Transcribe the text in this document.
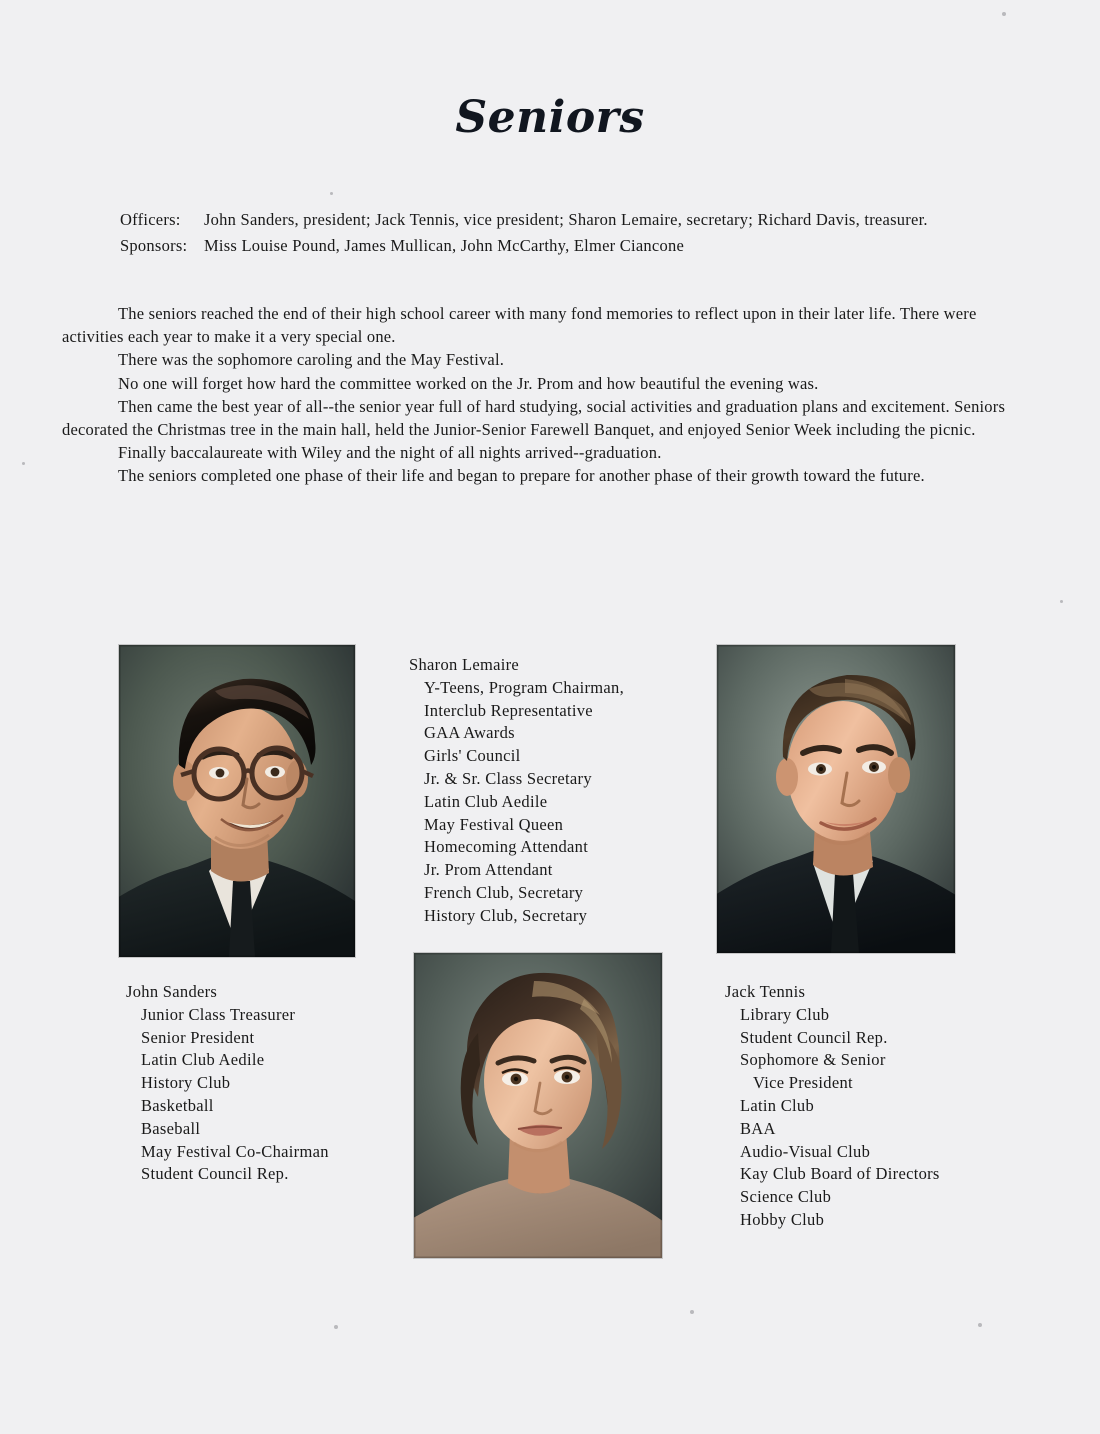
Seniors
Officers: John Sanders, president; Jack Tennis, vice president; Sharon Lemaire, secretary; Richard Davis, treasurer.
Sponsors: Miss Louise Pound, James Mullican, John McCarthy, Elmer Ciancone

The seniors reached the end of their high school career with many fond memories to reflect upon in their later life. There were activities each year to make it a very special one.

There was the sophomore caroling and the May Festival.

No one will forget how hard the committee worked on the Jr. Prom and how beautiful the evening was.

Then came the best year of all--the senior year full of hard studying, social activities and graduation plans and excitement. Seniors decorated the Christmas tree in the main hall, held the Junior-Senior Farewell Banquet, and enjoyed Senior Week including the picnic.

Finally baccalaureate with Wiley and the night of all nights arrived--graduation.

The seniors completed one phase of their life and began to prepare for another phase of their growth toward the future.

John Sanders
Junior Class Treasurer
Senior President
Latin Club Aedile
History Club
Basketball
Baseball
May Festival Co-Chairman
Student Council Rep.
Sharon Lemaire
Y-Teens, Program Chairman,
Interclub Representative
GAA Awards
Girls' Council
Jr. & Sr. Class Secretary
Latin Club Aedile
May Festival Queen
Homecoming Attendant
Jr. Prom Attendant
French Club, Secretary
History Club, Secretary
Jack Tennis
Library Club
Student Council Rep.
Sophomore & Senior
Vice President
Latin Club
BAA
Audio-Visual Club
Kay Club Board of Directors
Science Club
Hobby Club
